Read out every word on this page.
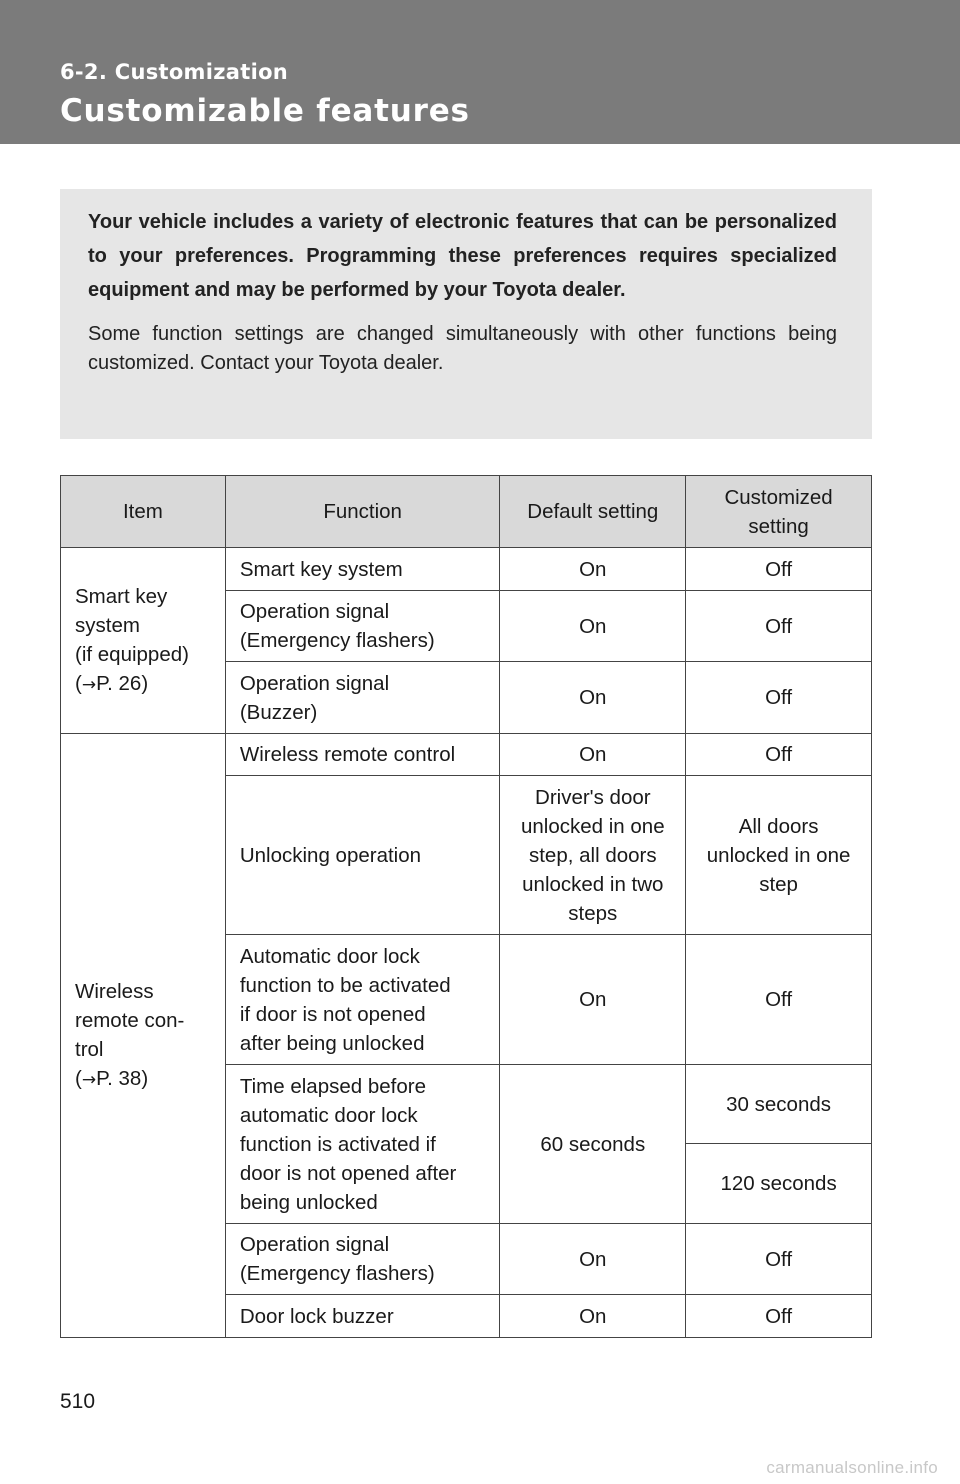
6-2. Customization
Customizable features

Your vehicle includes a variety of electronic features that can be personalized to your preferences. Programming these preferences requires specialized equipment and may be performed by your Toyota dealer.

Some function settings are changed simultaneously with other functions being customized. Contact your Toyota dealer.

Item	Function	Default setting	Customized setting
Smart key
system
(if equipped)
(→P. 26)	Smart key system	On	Off
	Operation signal
(Emergency flashers)	On	Off
	Operation signal
(Buzzer)	On	Off
Wireless
remote con-
trol
(→P. 38)	Wireless remote control	On	Off
	Unlocking operation	Driver's door
unlocked in one
step, all doors
unlocked in two
steps	All doors
unlocked in one
step
	Automatic door lock
function to be activated
if door is not opened
after being unlocked	On	Off
	Time elapsed before
automatic door lock
function is activated if
door is not opened after
being unlocked	60 seconds	30 seconds
			120 seconds
	Operation signal
(Emergency flashers)	On	Off
	Door lock buzzer	On	Off
510
carmanualsonline.info
